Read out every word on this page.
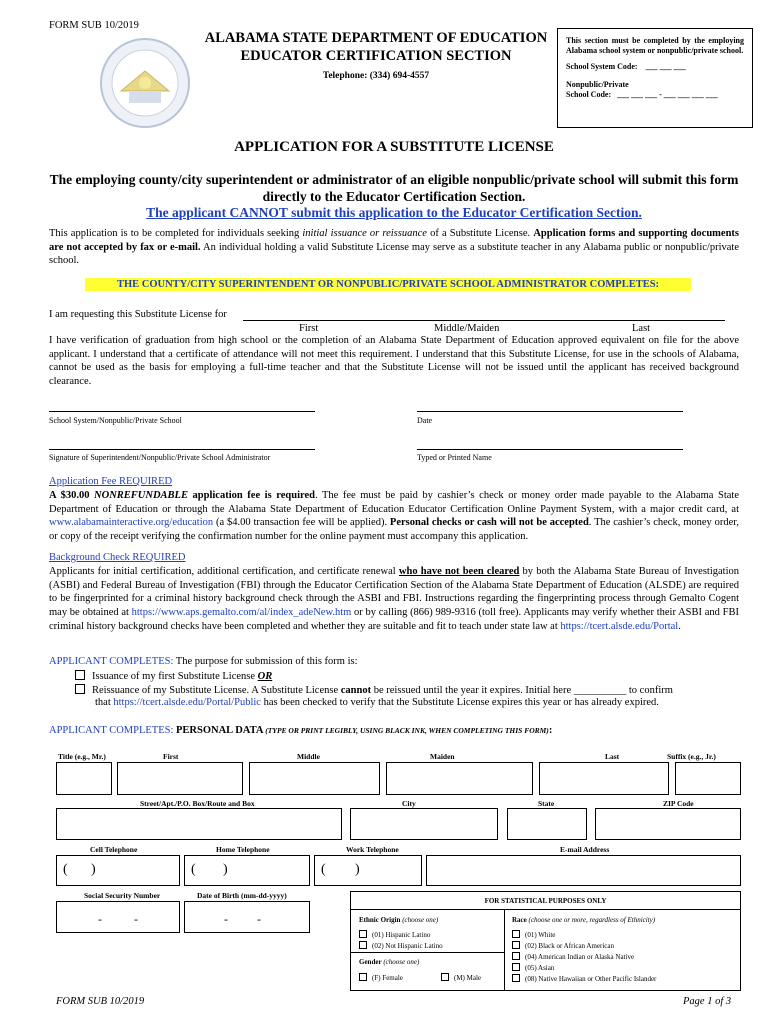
FORM SUB 10/2019
ALABAMA STATE DEPARTMENT OF EDUCATION
EDUCATOR CERTIFICATION SECTION
Telephone: (334) 694-4557

This section must be completed by the employing Alabama school system or nonpublic/private school.

School System Code: ___ ___ ___
Nonpublic/Private
School Code: ___ ___ ___ - ___ ___ ___ ___
APPLICATION FOR A SUBSTITUTE LICENSE
The employing county/city superintendent or administrator of an eligible nonpublic/private school will submit this form directly to the Educator Certification Section.
The applicant CANNOT submit this application to the Educator Certification Section.
This application is to be completed for individuals seeking initial issuance or reissuance of a Substitute License. Application forms and supporting documents are not accepted by fax or e-mail. An individual holding a valid Substitute License may serve as a substitute teacher in any Alabama public or nonpublic/private school.
THE COUNTY/CITY SUPERINTENDENT OR NONPUBLIC/PRIVATE SCHOOL ADMINISTRATOR COMPLETES:
I am requesting this Substitute License for
First	Middle/Maiden	Last
I have verification of graduation from high school or the completion of an Alabama State Department of Education approved equivalent on file for the above applicant. I understand that a certificate of attendance will not meet this requirement. I understand that this Substitute License, for use in the schools of Alabama, cannot be used as the basis for employing a full-time teacher and that the Substitute License will not be issued until the applicant has received background clearance.
School System/Nonpublic/Private School	Date
Signature of Superintendent/Nonpublic/Private School Administrator	Typed or Printed Name
Application Fee REQUIRED
A $30.00 NONREFUNDABLE application fee is required. The fee must be paid by cashier’s check or money order made payable to the Alabama State Department of Education or through the Alabama State Department of Education Educator Certification Online Payment System, with a major credit card, at www.alabamainteractive.org/education (a $4.00 transaction fee will be applied). Personal checks or cash will not be accepted. The cashier’s check, money order, or copy of the receipt verifying the confirmation number for the online payment must accompany this application.
Background Check REQUIRED
Applicants for initial certification, additional certification, and certificate renewal who have not been cleared by both the Alabama State Bureau of Investigation (ASBI) and Federal Bureau of Investigation (FBI) through the Educator Certification Section of the Alabama State Department of Education (ALSDE) are required to be fingerprinted for a criminal history background check through the ASBI and FBI. Instructions regarding the fingerprinting process through Gemalto Cogent may be obtained at https://www.aps.gemalto.com/al/index_adeNew.htm or by calling (866) 989-9316 (toll free). Applicants may verify whether their ASBI and FBI criminal history background checks have been completed and whether they are suitable and fit to teach under state law at https://tcert.alsde.edu/Portal.
APPLICANT COMPLETES: The purpose for submission of this form is:
Issuance of my first Substitute License OR
Reissuance of my Substitute License. A Substitute License cannot be reissued until the year it expires. Initial here __________ to confirm
that https://tcert.alsde.edu/Portal/Public has been checked to verify that the Substitute License expires this year or has already expired.
APPLICANT COMPLETES: PERSONAL DATA (TYPE OR PRINT LEGIBLY, USING BLACK INK, WHEN COMPLETING THIS FORM):
Title (e.g., Mr.)	First	Middle	Maiden	Last	Suffix (e.g., Jr.)
Street/Apt./P.O. Box/Route and Box	City	State	ZIP Code
Cell Telephone	Home Telephone	Work Telephone	E-mail Address
( )	( )	( )
Social Security Number	Date of Birth (mm-dd-yyyy)
-	-	- -
FOR STATISTICAL PURPOSES ONLY
Ethnic Origin (choose one)
(01) Hispanic Latino
(02) Not Hispanic Latino
Gender (choose one)
(F) Female	(M) Male
Race (choose one or more, regardless of Ethnicity)
(01) White
(02) Black or African American
(04) American Indian or Alaska Native
(05) Asian
(08) Native Hawaiian or Other Pacific Islander
FORM SUB 10/2019	Page 1 of 3
